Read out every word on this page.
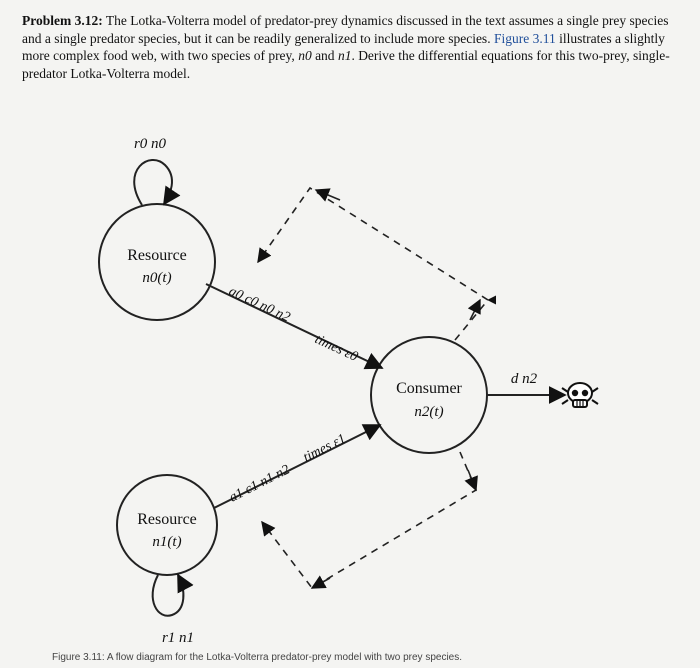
Problem 3.12: The Lotka-Volterra model of predator-prey dynamics discussed in the text assumes a single prey species and a single predator species, but it can be readily generalized to include more species. Figure 3.11 illustrates a slightly more complex food web, with two species of prey, n0 and n1. Derive the differential equations for this two-prey, single-predator Lotka-Volterra model.
Resource
n0(t)
r0 n0
Resource
n1(t)
r1 n1
Consumer
n2(t)
a0 c0 n0 n2
times ε0
a1 c1 n1 n2
times ε1
d n2
Figure 3.11: A flow diagram for the Lotka-Volterra predator-prey model with two prey species.
